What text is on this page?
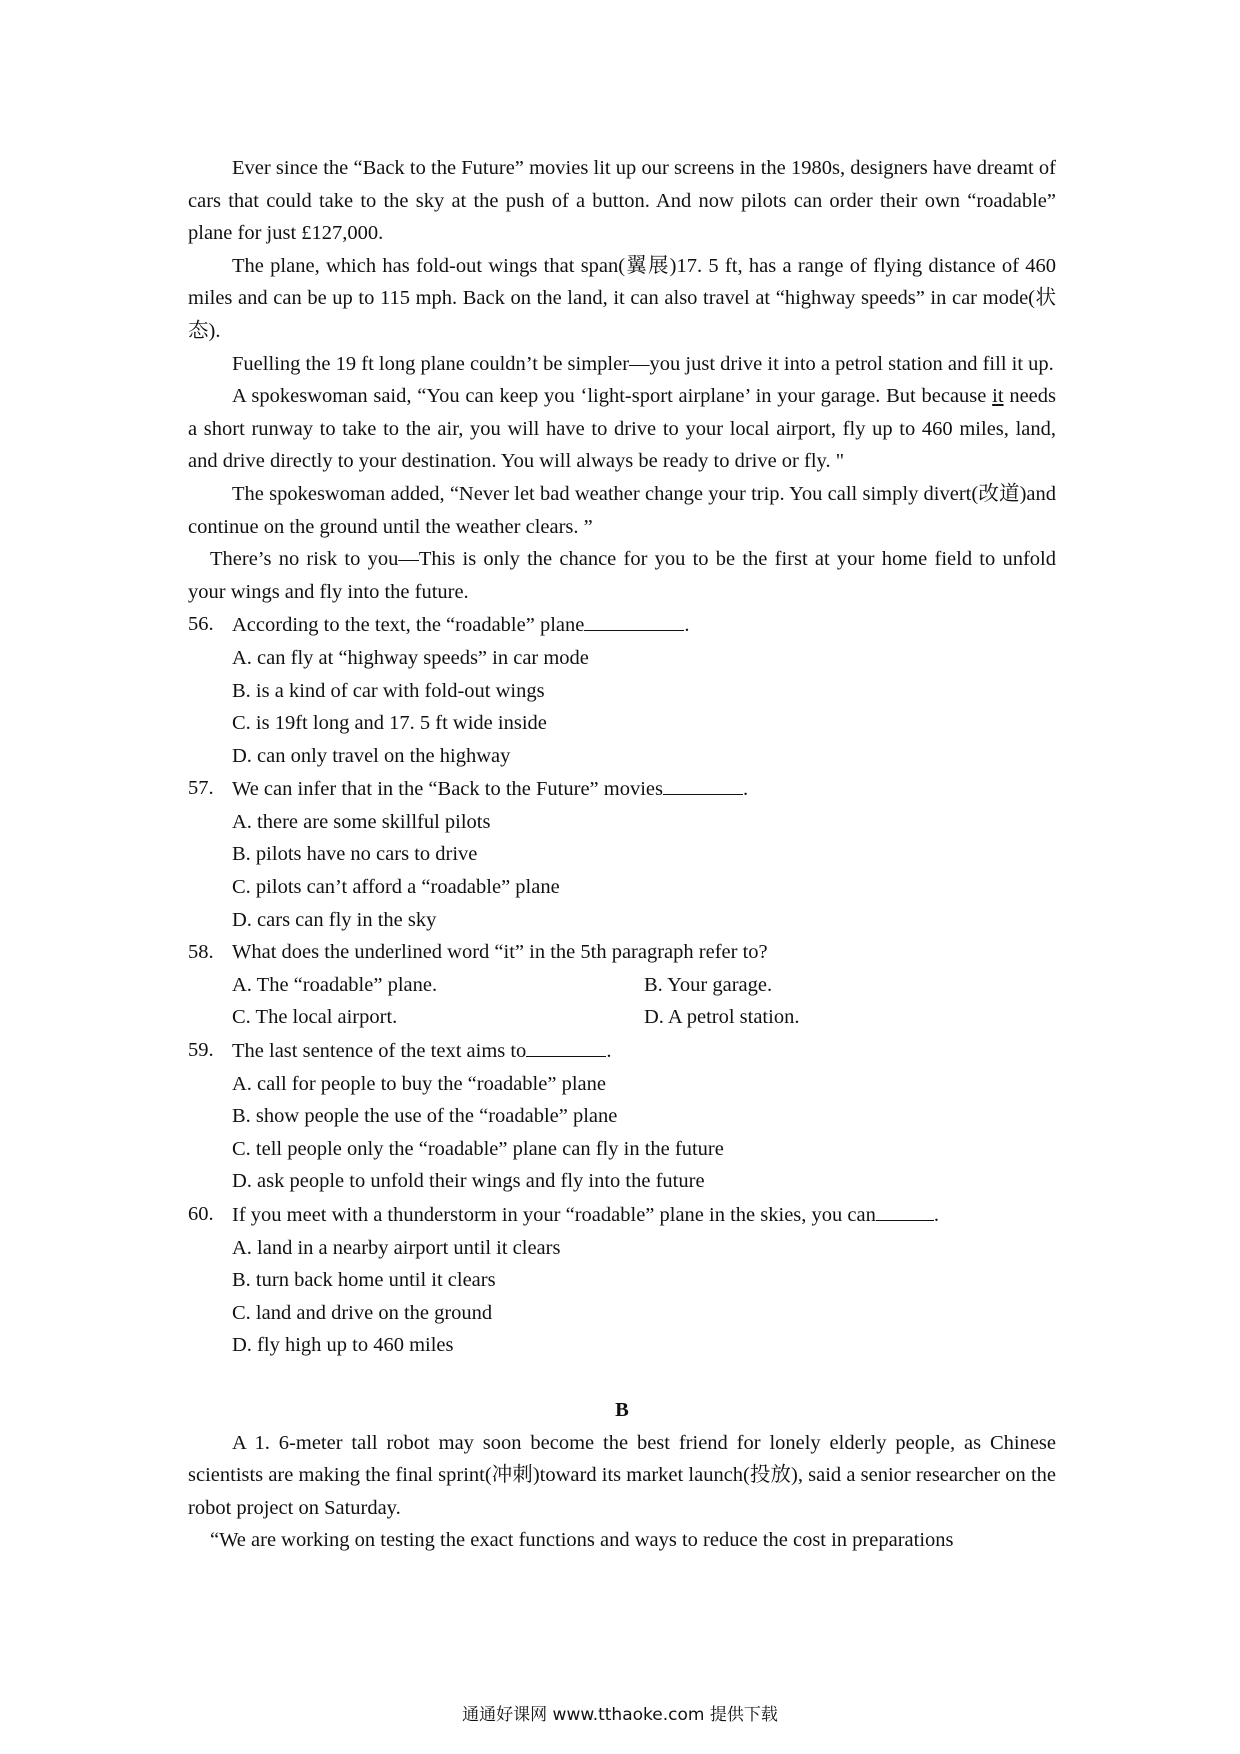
Ever since the “Back to the Future” movies lit up our screens in the 1980s, designers have dreamt of cars that could take to the sky at the push of a button. And now pilots can order their own “roadable” plane for just £127,000.

The plane, which has fold-out wings that span(翼展)17. 5 ft, has a range of flying distance of 460 miles and can be up to 115 mph. Back on the land, it can also travel at “highway speeds” in car mode(状态).

Fuelling the 19 ft long plane couldn’t be simpler—you just drive it into a petrol station and fill it up.

A spokeswoman said, “You can keep you ‘light-sport airplane’ in your garage. But because it needs a short runway to take to the air, you will have to drive to your local airport, fly up to 460 miles, land, and drive directly to your destination. You will always be ready to drive or fly. "

The spokeswoman added, “Never let bad weather change your trip. You call simply divert(改道)and continue on the ground until the weather clears. ”

There’s no risk to you—This is only the chance for you to be the first at your home field to unfold your wings and fly into the future.

56. According to the text, the “roadable” plane	.
A. can fly at “highway speeds” in car mode
B. is a kind of car with fold-out wings
C. is 19ft long and 17. 5 ft wide inside
D. can only travel on the highway
57. We can infer that in the “Back to the Future” movies	.
A. there are some skillful pilots
B. pilots have no cars to drive
C. pilots can’t afford a “roadable” plane
D. cars can fly in the sky
58. What does the underlined word “it” in the 5th paragraph refer to?
A. The “roadable” plane.	B. Your garage.
C. The local airport.	D. A petrol station.
59. The last sentence of the text aims to	.
A. call for people to buy the “roadable” plane
B. show people the use of the “roadable” plane
C. tell people only the “roadable” plane can fly in the future
D. ask people to unfold their wings and fly into the future
60. If you meet with a thunderstorm in your “roadable” plane in the skies, you can	.
A. land in a nearby airport until it clears
B. turn back home until it clears
C. land and drive on the ground
D. fly high up to 460 miles
B

A 1. 6-meter tall robot may soon become the best friend for lonely elderly people, as Chinese scientists are making the final sprint(冲刺)toward its market launch(投放), said a senior researcher on the robot project on Saturday.

“We are working on testing the exact functions and ways to reduce the cost in preparations

通通好课网 www.tthaoke.com 提供下载
